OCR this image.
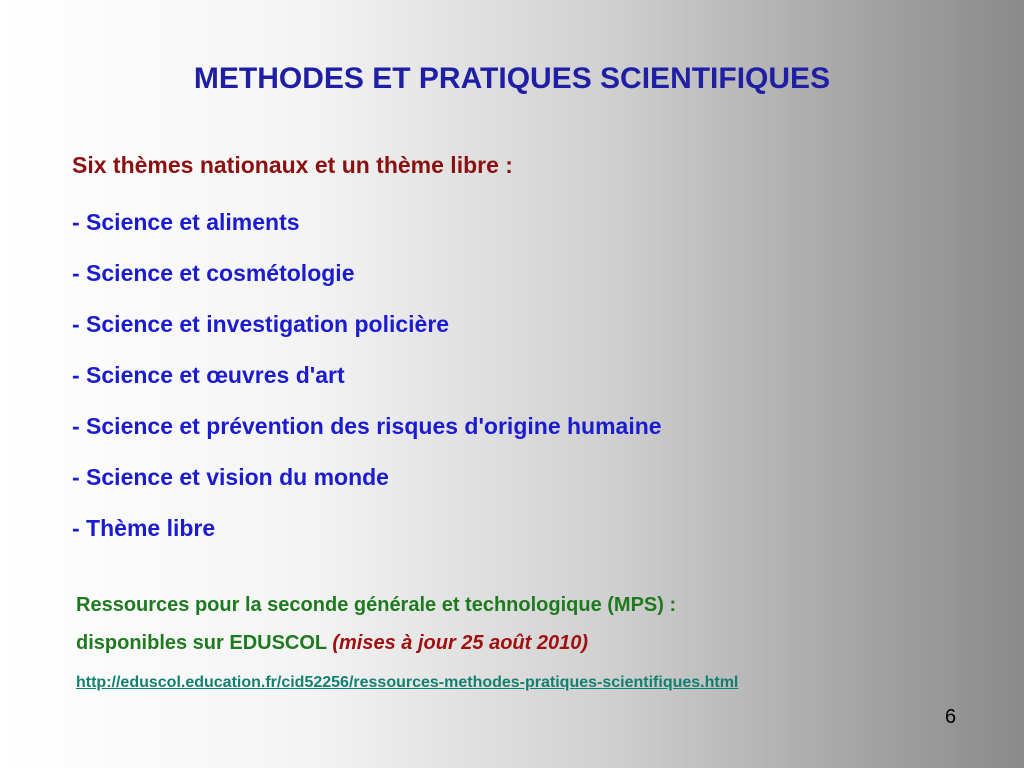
METHODES ET PRATIQUES SCIENTIFIQUES
Six thèmes nationaux et un thème libre :
- Science et aliments
- Science et cosmétologie
- Science et investigation policière
- Science et œuvres d'art
- Science et prévention des risques d'origine humaine
- Science et vision du monde
- Thème libre
Ressources pour la seconde générale et technologique (MPS) :
disponibles sur EDUSCOL (mises à jour 25 août 2010)
http://eduscol.education.fr/cid52256/ressources-methodes-pratiques-scientifiques.html
6
